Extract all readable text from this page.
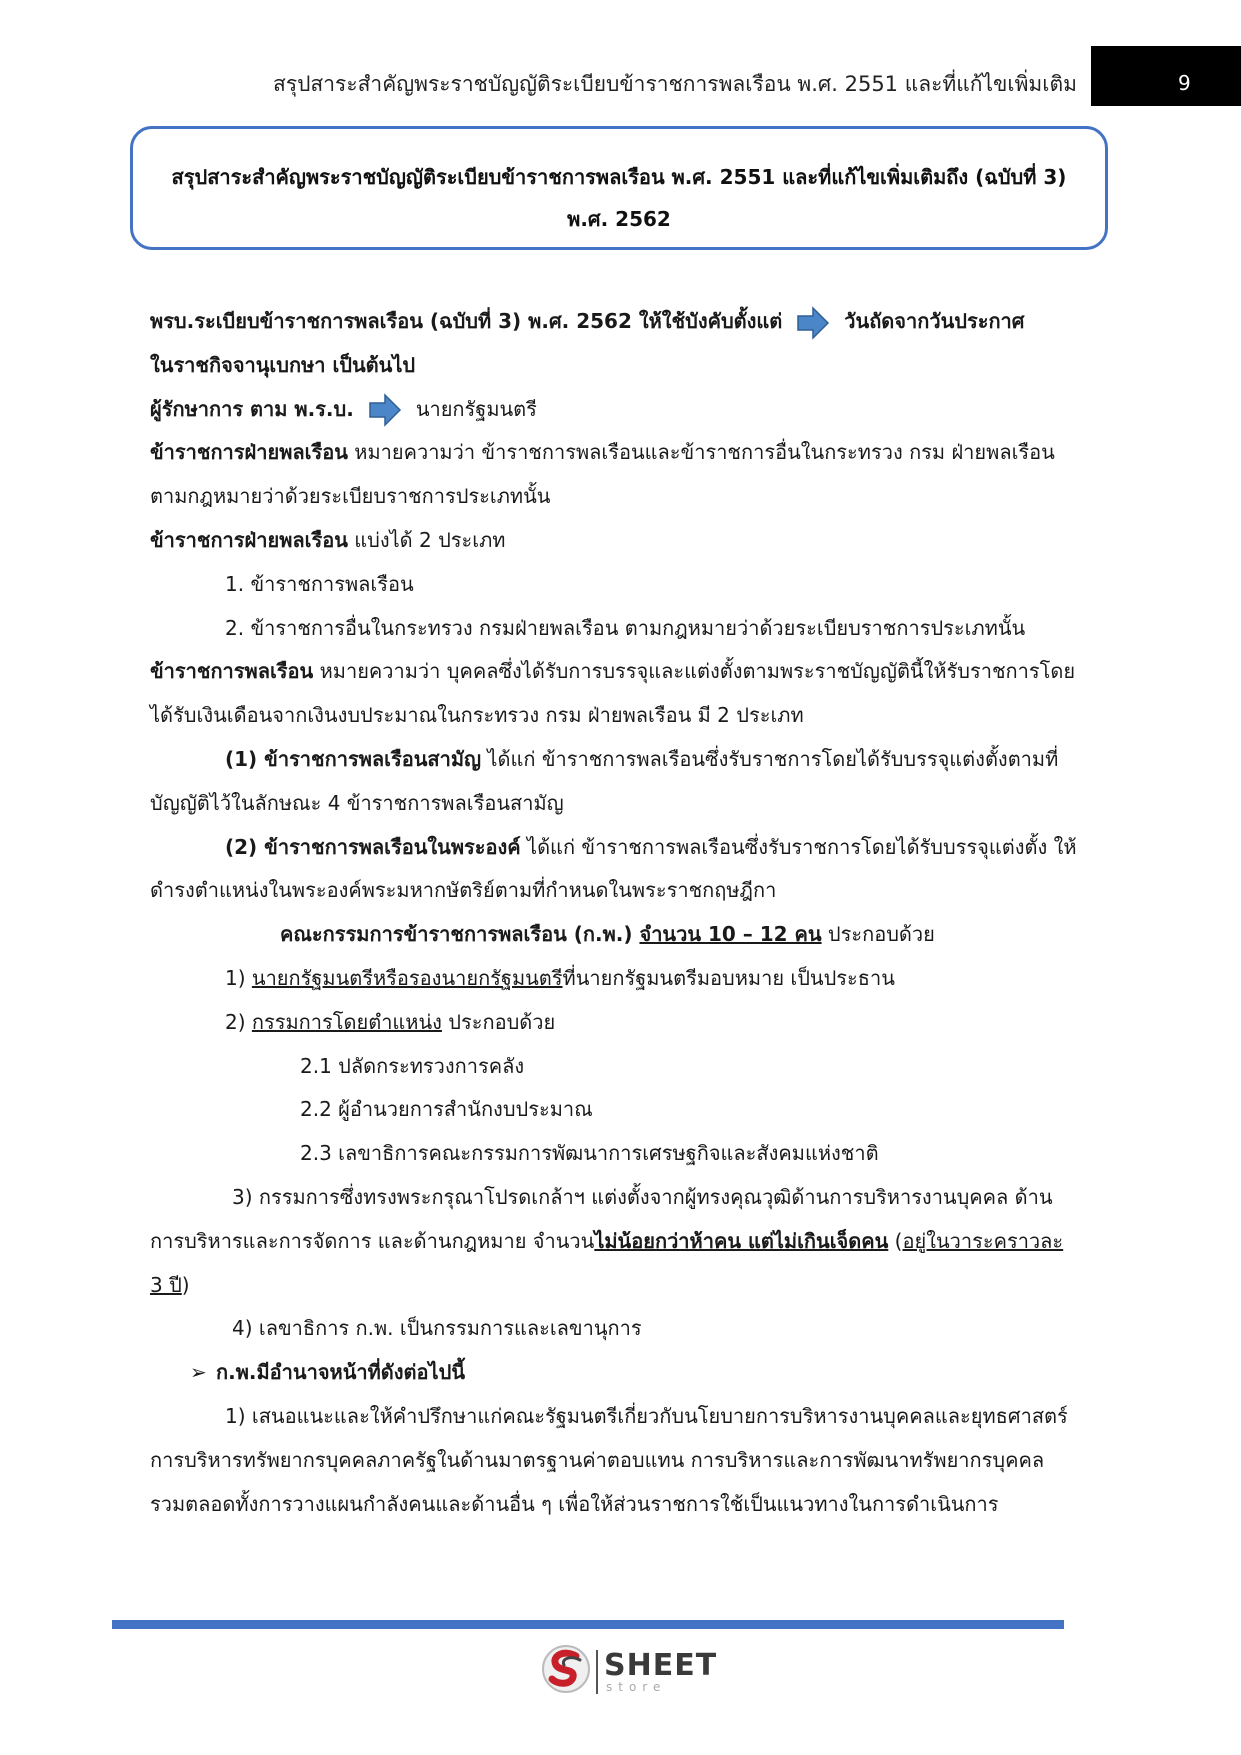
สรุปสาระสำคัญพระราชบัญญัติระเบียบข้าราชการพลเรือน พ.ศ. 2551 และที่แก้ไขเพิ่มเติม	9
สรุปสาระสำคัญพระราชบัญญัติระเบียบข้าราชการพลเรือน พ.ศ. 2551 และที่แก้ไขเพิ่มเติมถึง (ฉบับที่ 3)
พ.ศ. 2562
พรบ.ระเบียบข้าราชการพลเรือน (ฉบับที่ 3) พ.ศ. 2562 ให้ใช้บังคับตั้งแต่	วันถัดจากวันประกาศ
ในราชกิจจานุเบกษา เป็นต้นไป
ผู้รักษาการ ตาม พ.ร.บ.	นายกรัฐมนตรี
ข้าราชการฝ่ายพลเรือน หมายความว่า ข้าราชการพลเรือนและข้าราชการอื่นในกระทรวง กรม ฝ่ายพลเรือน
ตามกฎหมายว่าด้วยระเบียบราชการประเภทนั้น
ข้าราชการฝ่ายพลเรือน แบ่งได้ 2 ประเภท
1. ข้าราชการพลเรือน
2. ข้าราชการอื่นในกระทรวง กรมฝ่ายพลเรือน ตามกฎหมายว่าด้วยระเบียบราชการประเภทนั้น
ข้าราชการพลเรือน หมายความว่า บุคคลซึ่งได้รับการบรรจุและแต่งตั้งตามพระราชบัญญัตินี้ให้รับราชการโดย
ได้รับเงินเดือนจากเงินงบประมาณในกระทรวง กรม ฝ่ายพลเรือน มี 2 ประเภท
(1) ข้าราชการพลเรือนสามัญ ได้แก่ ข้าราชการพลเรือนซึ่งรับราชการโดยได้รับบรรจุแต่งตั้งตามที่
บัญญัติไว้ในลักษณะ 4 ข้าราชการพลเรือนสามัญ
(2) ข้าราชการพลเรือนในพระองค์ ได้แก่ ข้าราชการพลเรือนซึ่งรับราชการโดยได้รับบรรจุแต่งตั้ง ให้
ดำรงตำแหน่งในพระองค์พระมหากษัตริย์ตามที่กำหนดในพระราชกฤษฎีกา
คณะกรรมการข้าราชการพลเรือน (ก.พ.) จำนวน 10 – 12 คน ประกอบด้วย
1) นายกรัฐมนตรีหรือรองนายกรัฐมนตรีที่นายกรัฐมนตรีมอบหมาย เป็นประธาน
2) กรรมการโดยตำแหน่ง ประกอบด้วย
2.1 ปลัดกระทรวงการคลัง
2.2 ผู้อำนวยการสำนักงบประมาณ
2.3 เลขาธิการคณะกรรมการพัฒนาการเศรษฐกิจและสังคมแห่งชาติ
3) กรรมการซึ่งทรงพระกรุณาโปรดเกล้าฯ แต่งตั้งจากผู้ทรงคุณวุฒิด้านการบริหารงานบุคคล ด้าน
การบริหารและการจัดการ และด้านกฎหมาย จำนวนไม่น้อยกว่าห้าคน แต่ไม่เกินเจ็ดคน (อยู่ในวาระคราวละ
3 ปี)
4) เลขาธิการ ก.พ. เป็นกรรมการและเลขานุการ
➢ ก.พ.มีอำนาจหน้าที่ดังต่อไปนี้
1) เสนอแนะและให้คำปรึกษาแก่คณะรัฐมนตรีเกี่ยวกับนโยบายการบริหารงานบุคคลและยุทธศาสตร์
การบริหารทรัพยากรบุคคลภาครัฐในด้านมาตรฐานค่าตอบแทน การบริหารและการพัฒนาทรัพยากรบุคคล
รวมตลอดทั้งการวางแผนกำลังคนและด้านอื่น ๆ เพื่อให้ส่วนราชการใช้เป็นแนวทางในการดำเนินการ
SHEET
store
